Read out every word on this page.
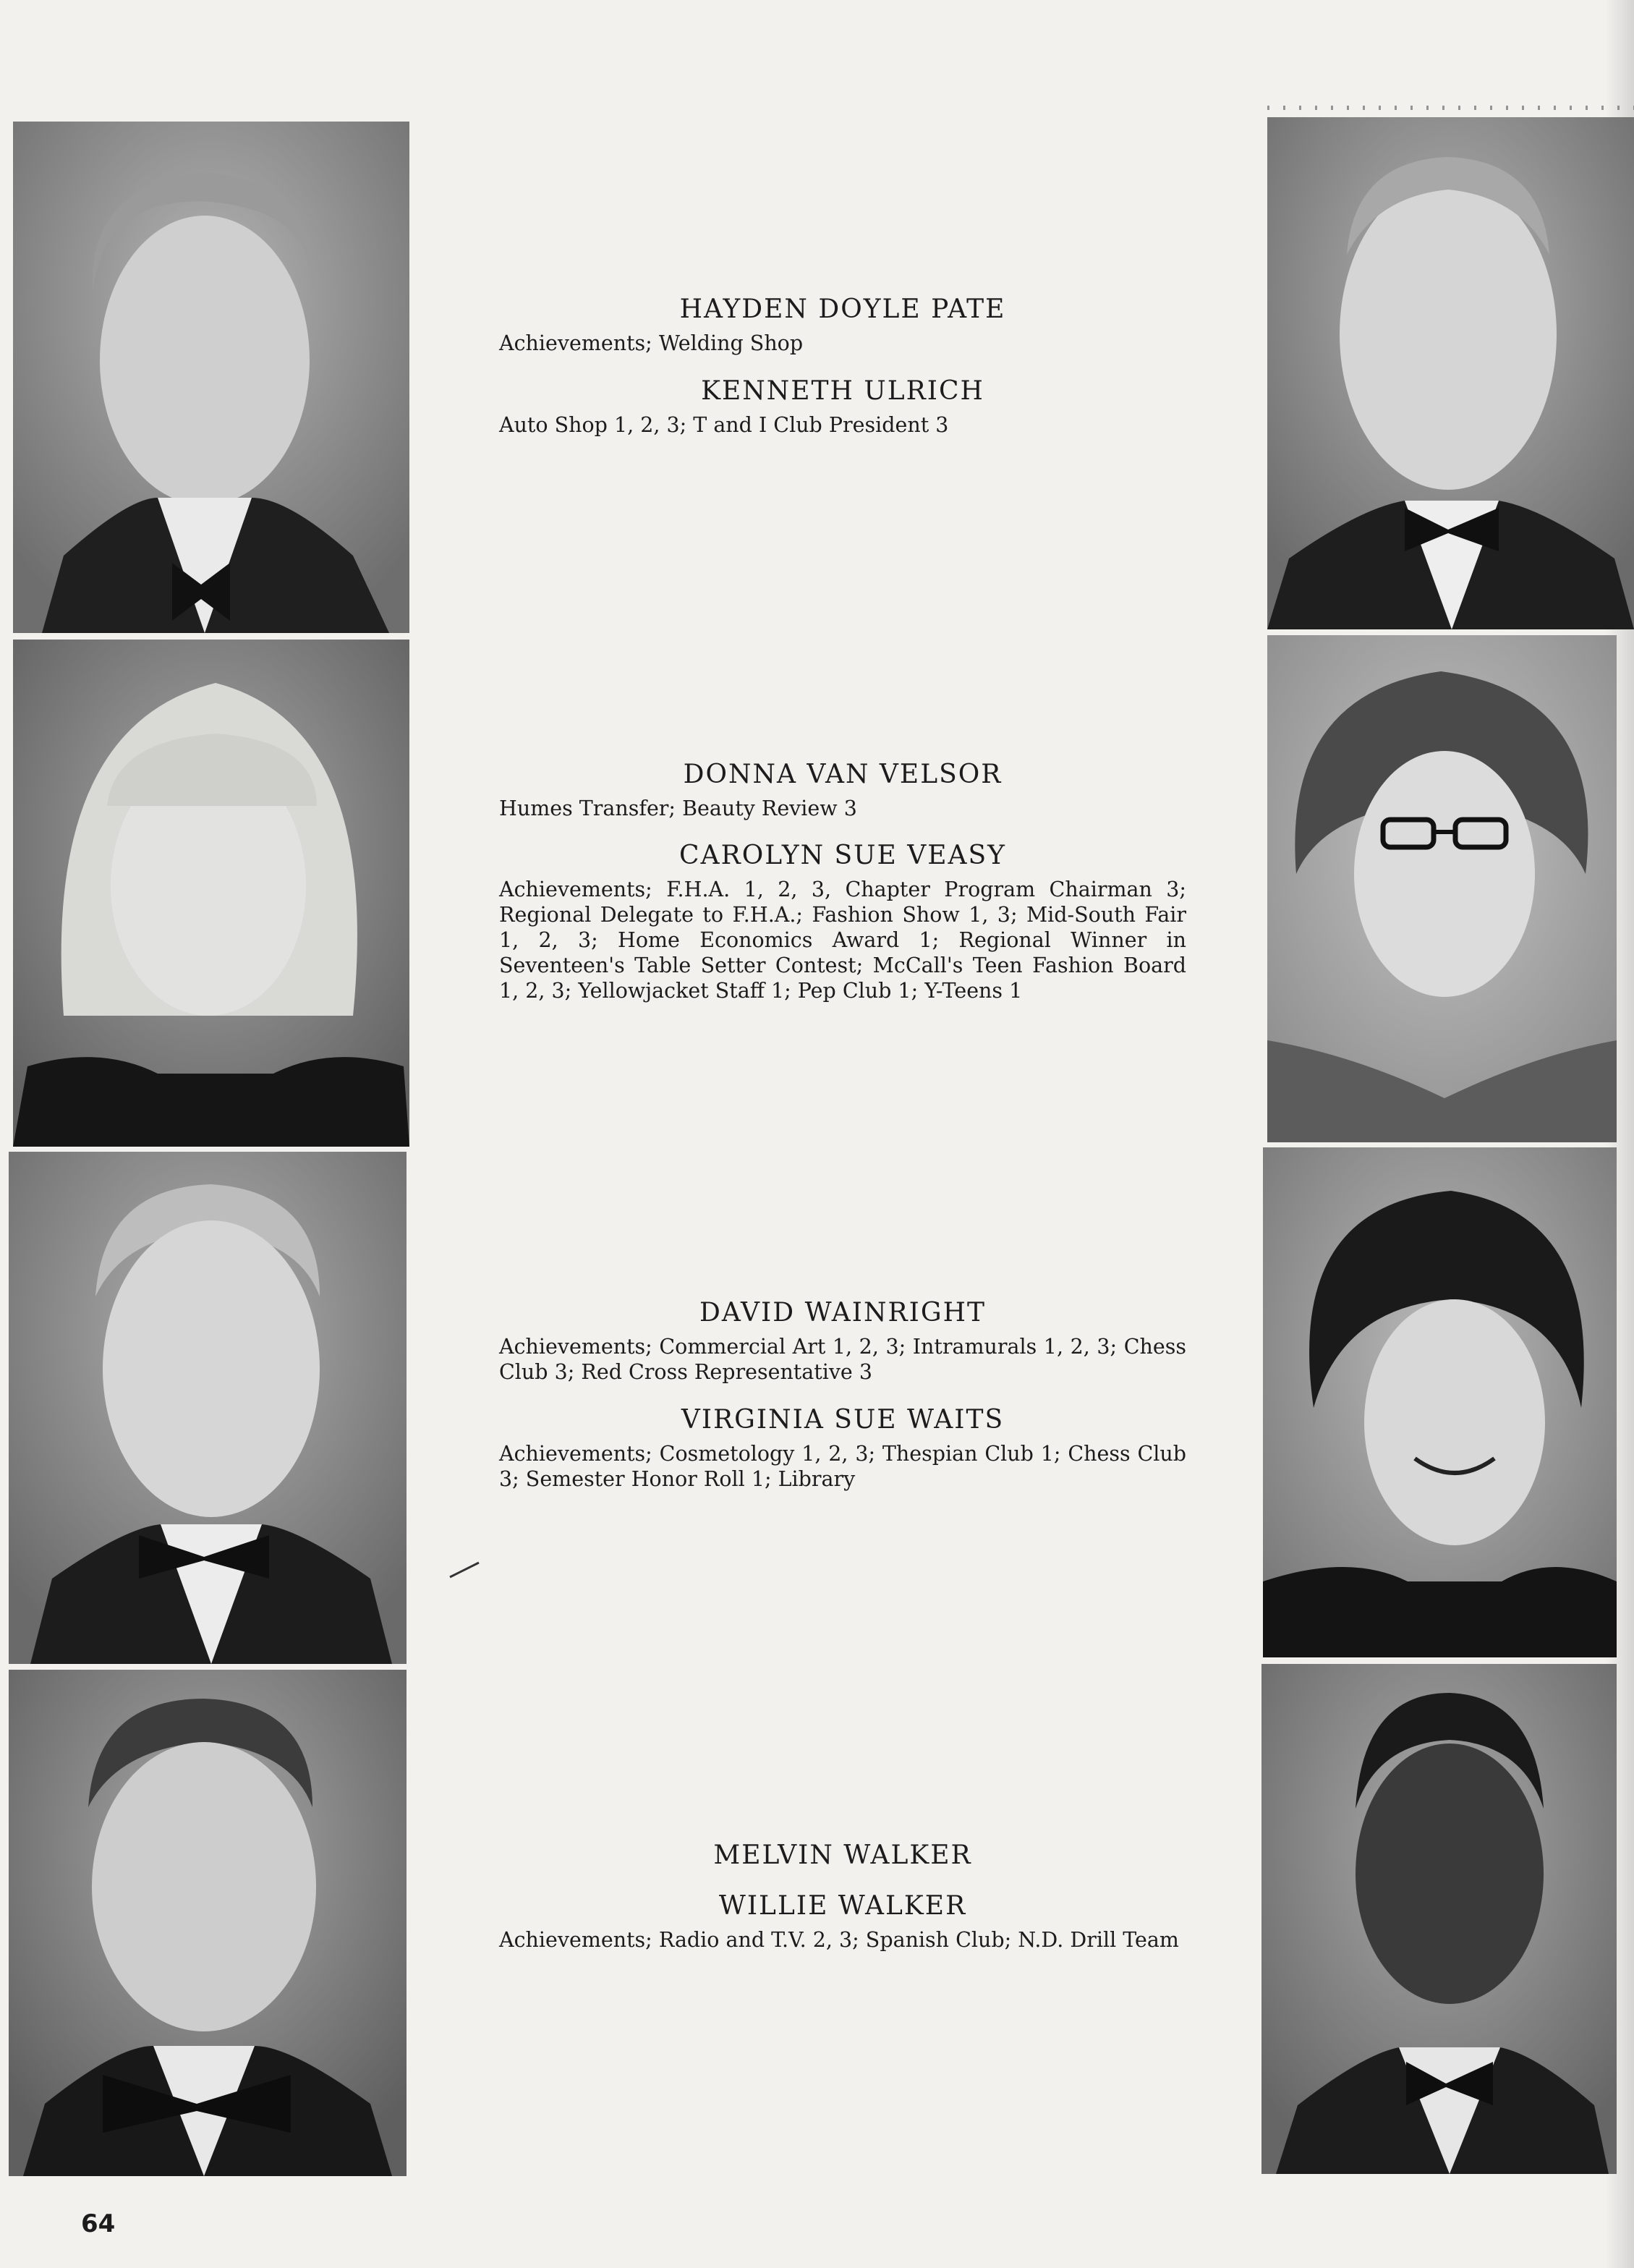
HAYDEN DOYLE PATE

Achievements; Welding Shop

KENNETH ULRICH

Auto Shop 1, 2, 3; T and I Club President 3

DONNA VAN VELSOR

Humes Transfer; Beauty Review 3

CAROLYN SUE VEASY

Achievements; F.H.A. 1, 2, 3, Chapter Program Chairman 3; Regional Delegate to F.H.A.; Fashion Show 1, 3; Mid-South Fair 1, 2, 3; Home Economics Award 1; Regional Winner in Seventeen's Table Setter Contest; McCall's Teen Fashion Board 1, 2, 3; Yellowjacket Staff 1; Pep Club 1; Y-Teens 1

DAVID WAINRIGHT

Achievements; Commercial Art 1, 2, 3; Intramurals 1, 2, 3; Chess Club 3; Red Cross Representative 3

VIRGINIA SUE WAITS

Achievements; Cosmetology 1, 2, 3; Thespian Club 1; Chess Club 3; Semester Honor Roll 1; Library

MELVIN WALKER

WILLIE WALKER

Achievements; Radio and T.V. 2, 3; Spanish Club; N.D. Drill Team

64
